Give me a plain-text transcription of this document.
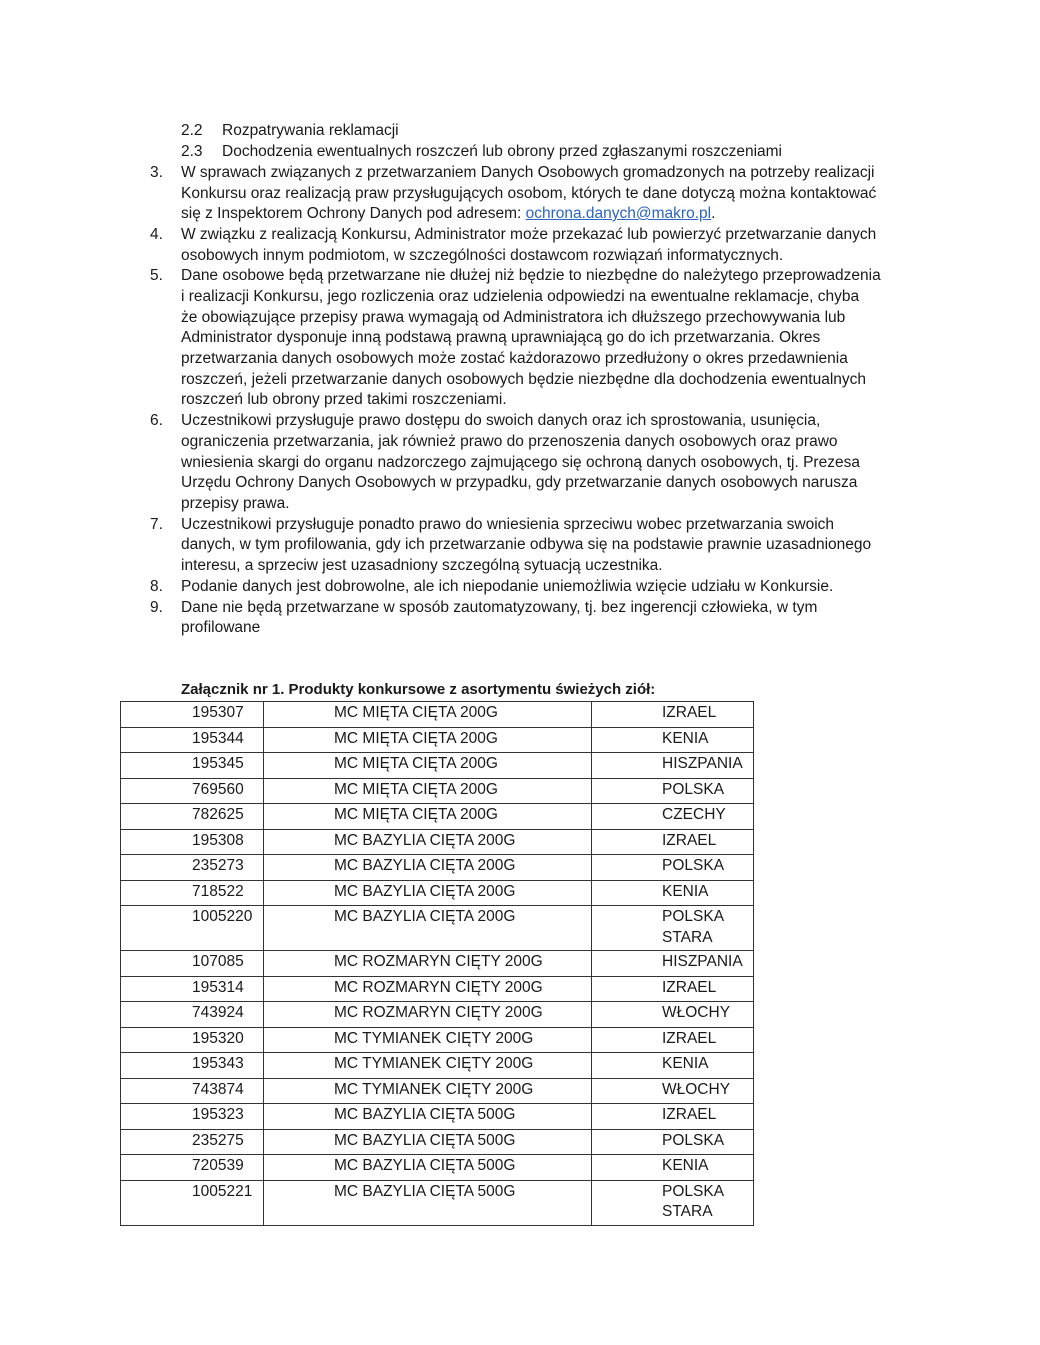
2.2 Rozpatrywania reklamacji
2.3 Dochodzenia ewentualnych roszczeń lub obrony przed zgłaszanymi roszczeniami
3. W sprawach związanych z przetwarzaniem Danych Osobowych gromadzonych na potrzeby realizacji

Konkursu oraz realizacją praw przysługujących osobom, których te dane dotyczą można kontaktować

się z Inspektorem Ochrony Danych pod adresem: ochrona.danych@makro.pl.

4. W związku z realizacją Konkursu, Administrator może przekazać lub powierzyć przetwarzanie danych

osobowych innym podmiotom, w szczególności dostawcom rozwiązań informatycznych.

5. Dane osobowe będą przetwarzane nie dłużej niż będzie to niezbędne do należytego przeprowadzenia

i realizacji Konkursu, jego rozliczenia oraz udzielenia odpowiedzi na ewentualne reklamacje, chyba

że obowiązujące przepisy prawa wymagają od Administratora ich dłuższego przechowywania lub

Administrator dysponuje inną podstawą prawną uprawniającą go do ich przetwarzania. Okres

przetwarzania danych osobowych może zostać każdorazowo przedłużony o okres przedawnienia

roszczeń, jeżeli przetwarzanie danych osobowych będzie niezbędne dla dochodzenia ewentualnych

roszczeń lub obrony przed takimi roszczeniami.

6. Uczestnikowi przysługuje prawo dostępu do swoich danych oraz ich sprostowania, usunięcia,

ograniczenia przetwarzania, jak również prawo do przenoszenia danych osobowych oraz prawo

wniesienia skargi do organu nadzorczego zajmującego się ochroną danych osobowych, tj. Prezesa

Urzędu Ochrony Danych Osobowych w przypadku, gdy przetwarzanie danych osobowych narusza

przepisy prawa.

7. Uczestnikowi przysługuje ponadto prawo do wniesienia sprzeciwu wobec przetwarzania swoich

danych, w tym profilowania, gdy ich przetwarzanie odbywa się na podstawie prawnie uzasadnionego

interesu, a sprzeciw jest uzasadniony szczególną sytuacją uczestnika.

8. Podanie danych jest dobrowolne, ale ich niepodanie uniemożliwia wzięcie udziału w Konkursie.

9. Dane nie będą przetwarzane w sposób zautomatyzowany, tj. bez ingerencji człowieka, w tym

profilowane

Załącznik nr 1. Produkty konkursowe z asortymentu świeżych ziół:
195307	MC MIĘTA CIĘTA 200G	IZRAEL

195344	MC MIĘTA CIĘTA 200G	KENIA

195345	MC MIĘTA CIĘTA 200G	HISZPANIA

769560	MC MIĘTA CIĘTA 200G	POLSKA

782625	MC MIĘTA CIĘTA 200G	CZECHY

195308	MC BAZYLIA CIĘTA 200G	IZRAEL

235273	MC BAZYLIA CIĘTA 200G	POLSKA

718522	MC BAZYLIA CIĘTA 200G	KENIA

1005220	MC BAZYLIA CIĘTA 200G	POLSKA
STARA

107085	MC ROZMARYN CIĘTY 200G	HISZPANIA

195314	MC ROZMARYN CIĘTY 200G	IZRAEL

743924	MC ROZMARYN CIĘTY 200G	WŁOCHY

195320	MC TYMIANEK CIĘTY 200G	IZRAEL

195343	MC TYMIANEK CIĘTY 200G	KENIA

743874	MC TYMIANEK CIĘTY 200G	WŁOCHY

195323	MC BAZYLIA CIĘTA 500G	IZRAEL

235275	MC BAZYLIA CIĘTA 500G	POLSKA

720539	MC BAZYLIA CIĘTA 500G	KENIA

1005221	MC BAZYLIA CIĘTA 500G	POLSKA
STARA
